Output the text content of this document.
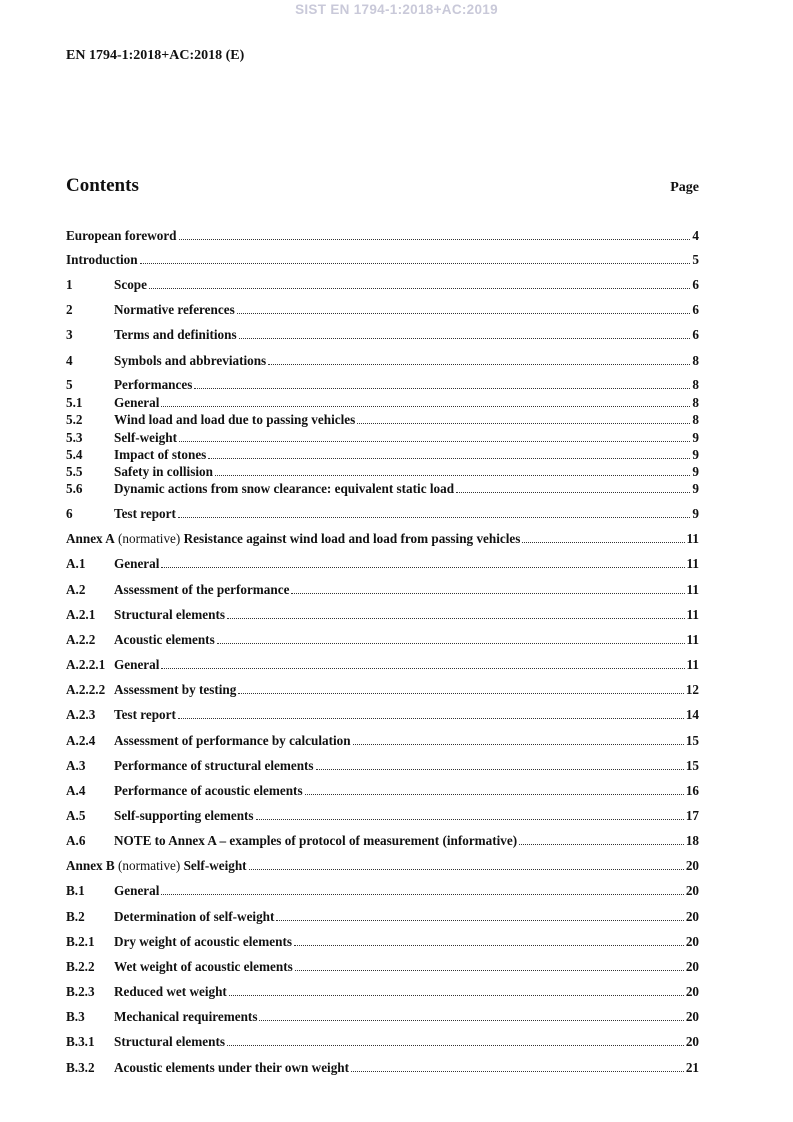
SIST EN 1794-1:2018+AC:2019
EN 1794-1:2018+AC:2018 (E)
Contents	Page
European foreword	4
Introduction	5
1	Scope	6
2	Normative references	6
3	Terms and definitions	6
4	Symbols and abbreviations	8
5	Performances	8
5.1	General	8
5.2	Wind load and load due to passing vehicles	8
5.3	Self-weight	9
5.4	Impact of stones	9
5.5	Safety in collision	9
5.6	Dynamic actions from snow clearance: equivalent static load	9
6	Test report	9
Annex A (normative) Resistance against wind load and load from passing vehicles	11
A.1	General	11
A.2	Assessment of the performance	11
A.2.1	Structural elements	11
A.2.2	Acoustic elements	11
A.2.2.1 General	11
A.2.2.2 Assessment by testing	12
A.2.3	Test report	14
A.2.4	Assessment of performance by calculation	15
A.3	Performance of structural elements	15
A.4	Performance of acoustic elements	16
A.5	Self-supporting elements	17
A.6	NOTE to Annex A – examples of protocol of measurement (informative)	18
Annex B (normative) Self-weight	20
B.1	General	20
B.2	Determination of self-weight	20
B.2.1	Dry weight of acoustic elements	20
B.2.2	Wet weight of acoustic elements	20
B.2.3	Reduced wet weight	20
B.3	Mechanical requirements	20
B.3.1	Structural elements	20
B.3.2	Acoustic elements under their own weight	21
